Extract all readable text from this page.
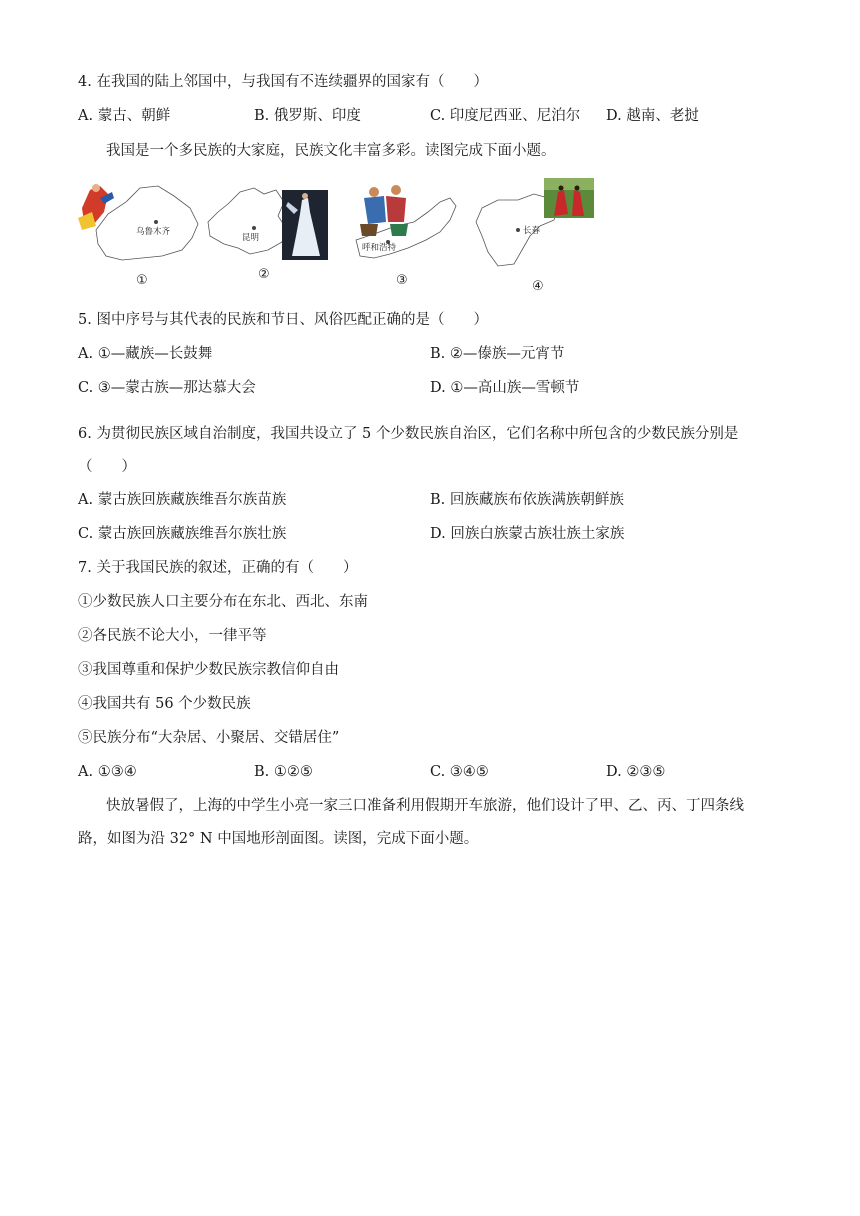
4. 在我国的陆上邻国中，与我国有不连续疆界的国家有（　　）
A. 蒙古、朝鲜	B. 俄罗斯、印度	C. 印度尼西亚、尼泊尔 D. 越南、老挝
我国是一个多民族的大家庭，民族文化丰富多彩。读图完成下面小题。
乌鲁木齐
①
昆明
②
呼和浩特
③
长春
④
5. 图中序号与其代表的民族和节日、风俗匹配正确的是（　　）
A. ①—藏族—长鼓舞	B. ②—傣族—元宵节
C. ③—蒙古族—那达慕大会	D. ①—高山族—雪顿节
6. 为贯彻民族区域自治制度，我国共设立了 5 个少数民族自治区，它们名称中所包含的少数民族分别是
（　　）
A. 蒙古族回族藏族维吾尔族苗族	B. 回族藏族布依族满族朝鲜族
C. 蒙古族回族藏族维吾尔族壮族	D. 回族白族蒙古族壮族土家族
7. 关于我国民族的叙述，正确的有（　　）
①少数民族人口主要分布在东北、西北、东南
②各民族不论大小，一律平等
③我国尊重和保护少数民族宗教信仰自由
④我国共有 56 个少数民族
⑤民族分布“大杂居、小聚居、交错居住”
A. ①③④	B. ①②⑤	C. ③④⑤	D. ②③⑤
快放暑假了，上海的中学生小亮一家三口准备利用假期开车旅游，他们设计了甲、乙、丙、丁四条线
路，如图为沿 32° N 中国地形剖面图。读图，完成下面小题。
